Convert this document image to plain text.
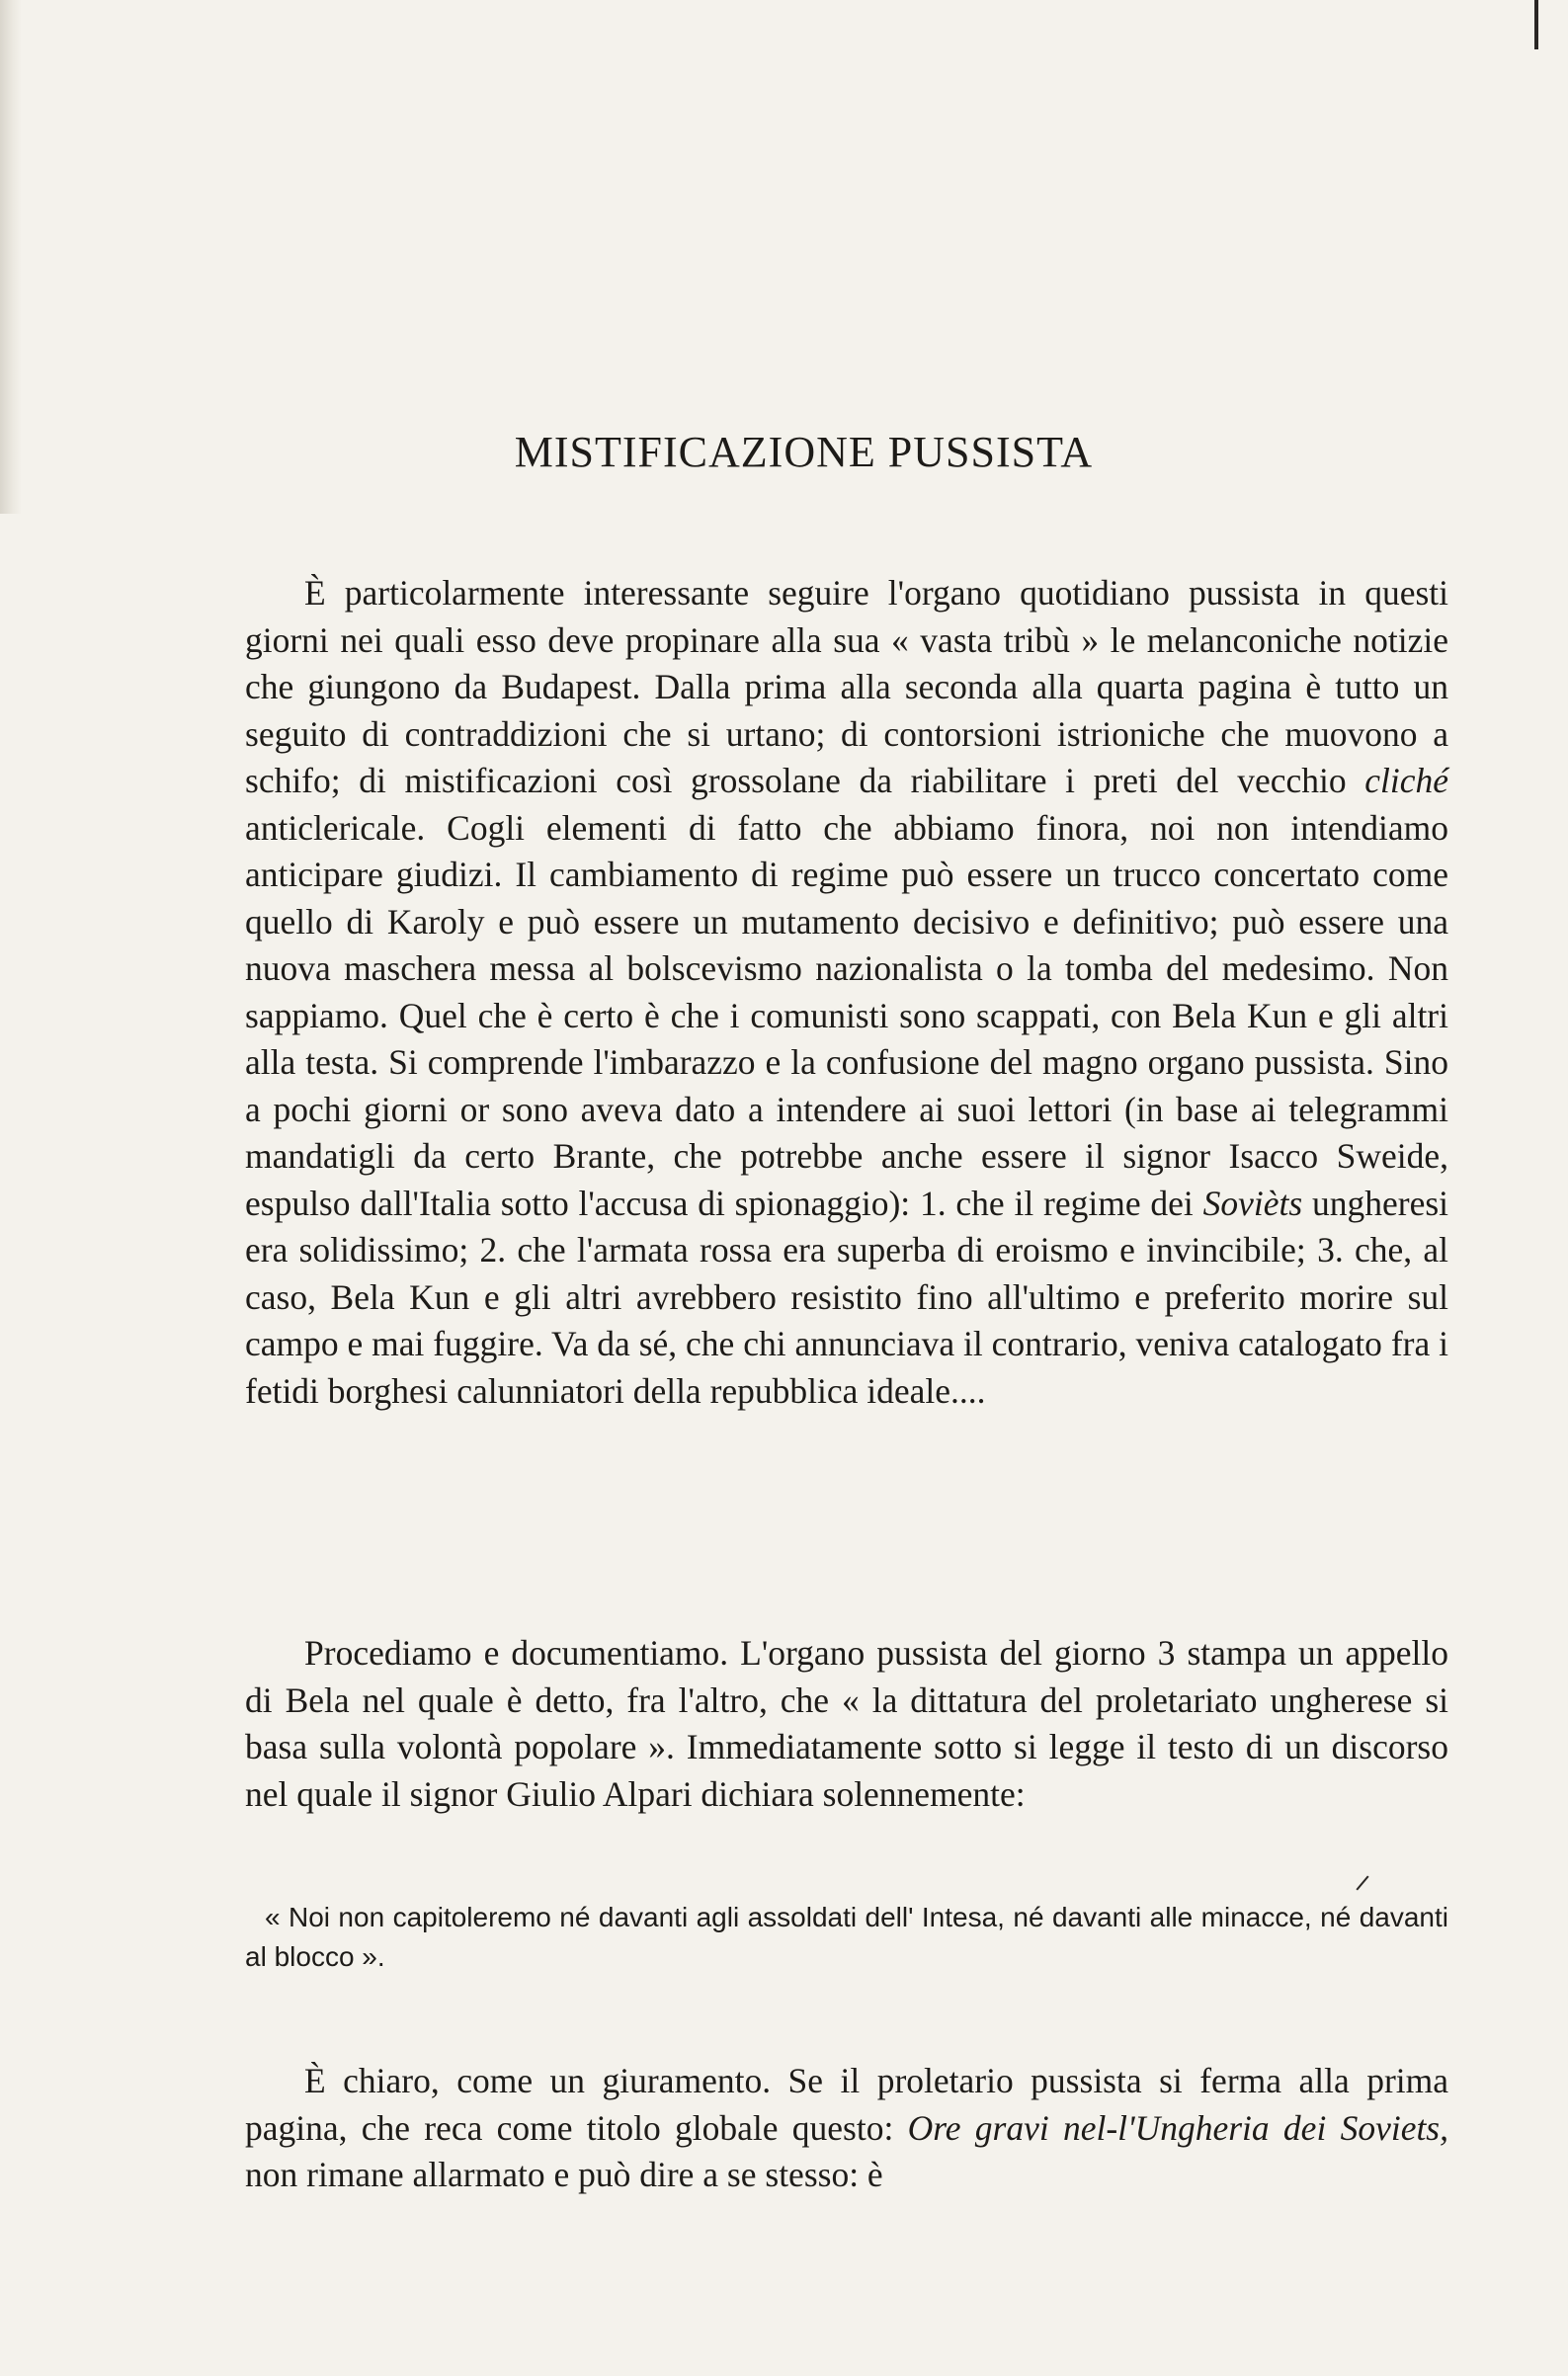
MISTIFICAZIONE PUSSISTA

È particolarmente interessante seguire l'organo quotidiano pussista in questi giorni nei quali esso deve propinare alla sua « vasta tribù » le melanconiche notizie che giungono da Budapest. Dalla prima alla seconda alla quarta pagina è tutto un seguito di contraddizioni che si urtano; di contorsioni istrioniche che muovono a schifo; di mistificazioni così grossolane da riabilitare i preti del vecchio cliché anticlericale. Cogli elementi di fatto che abbiamo finora, noi non intendiamo anticipare giudizi. Il cambiamento di regime può essere un trucco concertato come quello di Karoly e può essere un mutamento decisivo e definitivo; può essere una nuova maschera messa al bolscevismo nazionalista o la tomba del medesimo. Non sappiamo. Quel che è certo è che i comunisti sono scappati, con Bela Kun e gli altri alla testa. Si comprende l'imbarazzo e la confusione del magno organo pussista. Sino a pochi giorni or sono aveva dato a intendere ai suoi lettori (in base ai telegrammi mandatigli da certo Brante, che potrebbe anche essere il signor Isacco Sweide, espulso dall'Italia sotto l'accusa di spionaggio): 1. che il regime dei Sovièts ungheresi era solidissimo; 2. che l'armata rossa era superba di eroismo e invincibile; 3. che, al caso, Bela Kun e gli altri avrebbero resistito fino all'ultimo e preferito morire sul campo e mai fuggire. Va da sé, che chi annunciava il contrario, veniva catalogato fra i fetidi borghesi calunniatori della repubblica ideale....

Procediamo e documentiamo. L'organo pussista del giorno 3 stampa un appello di Bela nel quale è detto, fra l'altro, che « la dittatura del proletariato ungherese si basa sulla volontà popolare ». Immediatamente sotto si legge il testo di un discorso nel quale il signor Giulio Alpari dichiara solennemente:

« Noi non capitoleremo né davanti agli assoldati dell' Intesa, né davanti alle minacce, né davanti al blocco ».

È chiaro, come un giuramento. Se il proletario pussista si ferma alla prima pagina, che reca come titolo globale questo: Ore gravi nel-l'Ungheria dei Soviets, non rimane allarmato e può dire a se stesso: è
